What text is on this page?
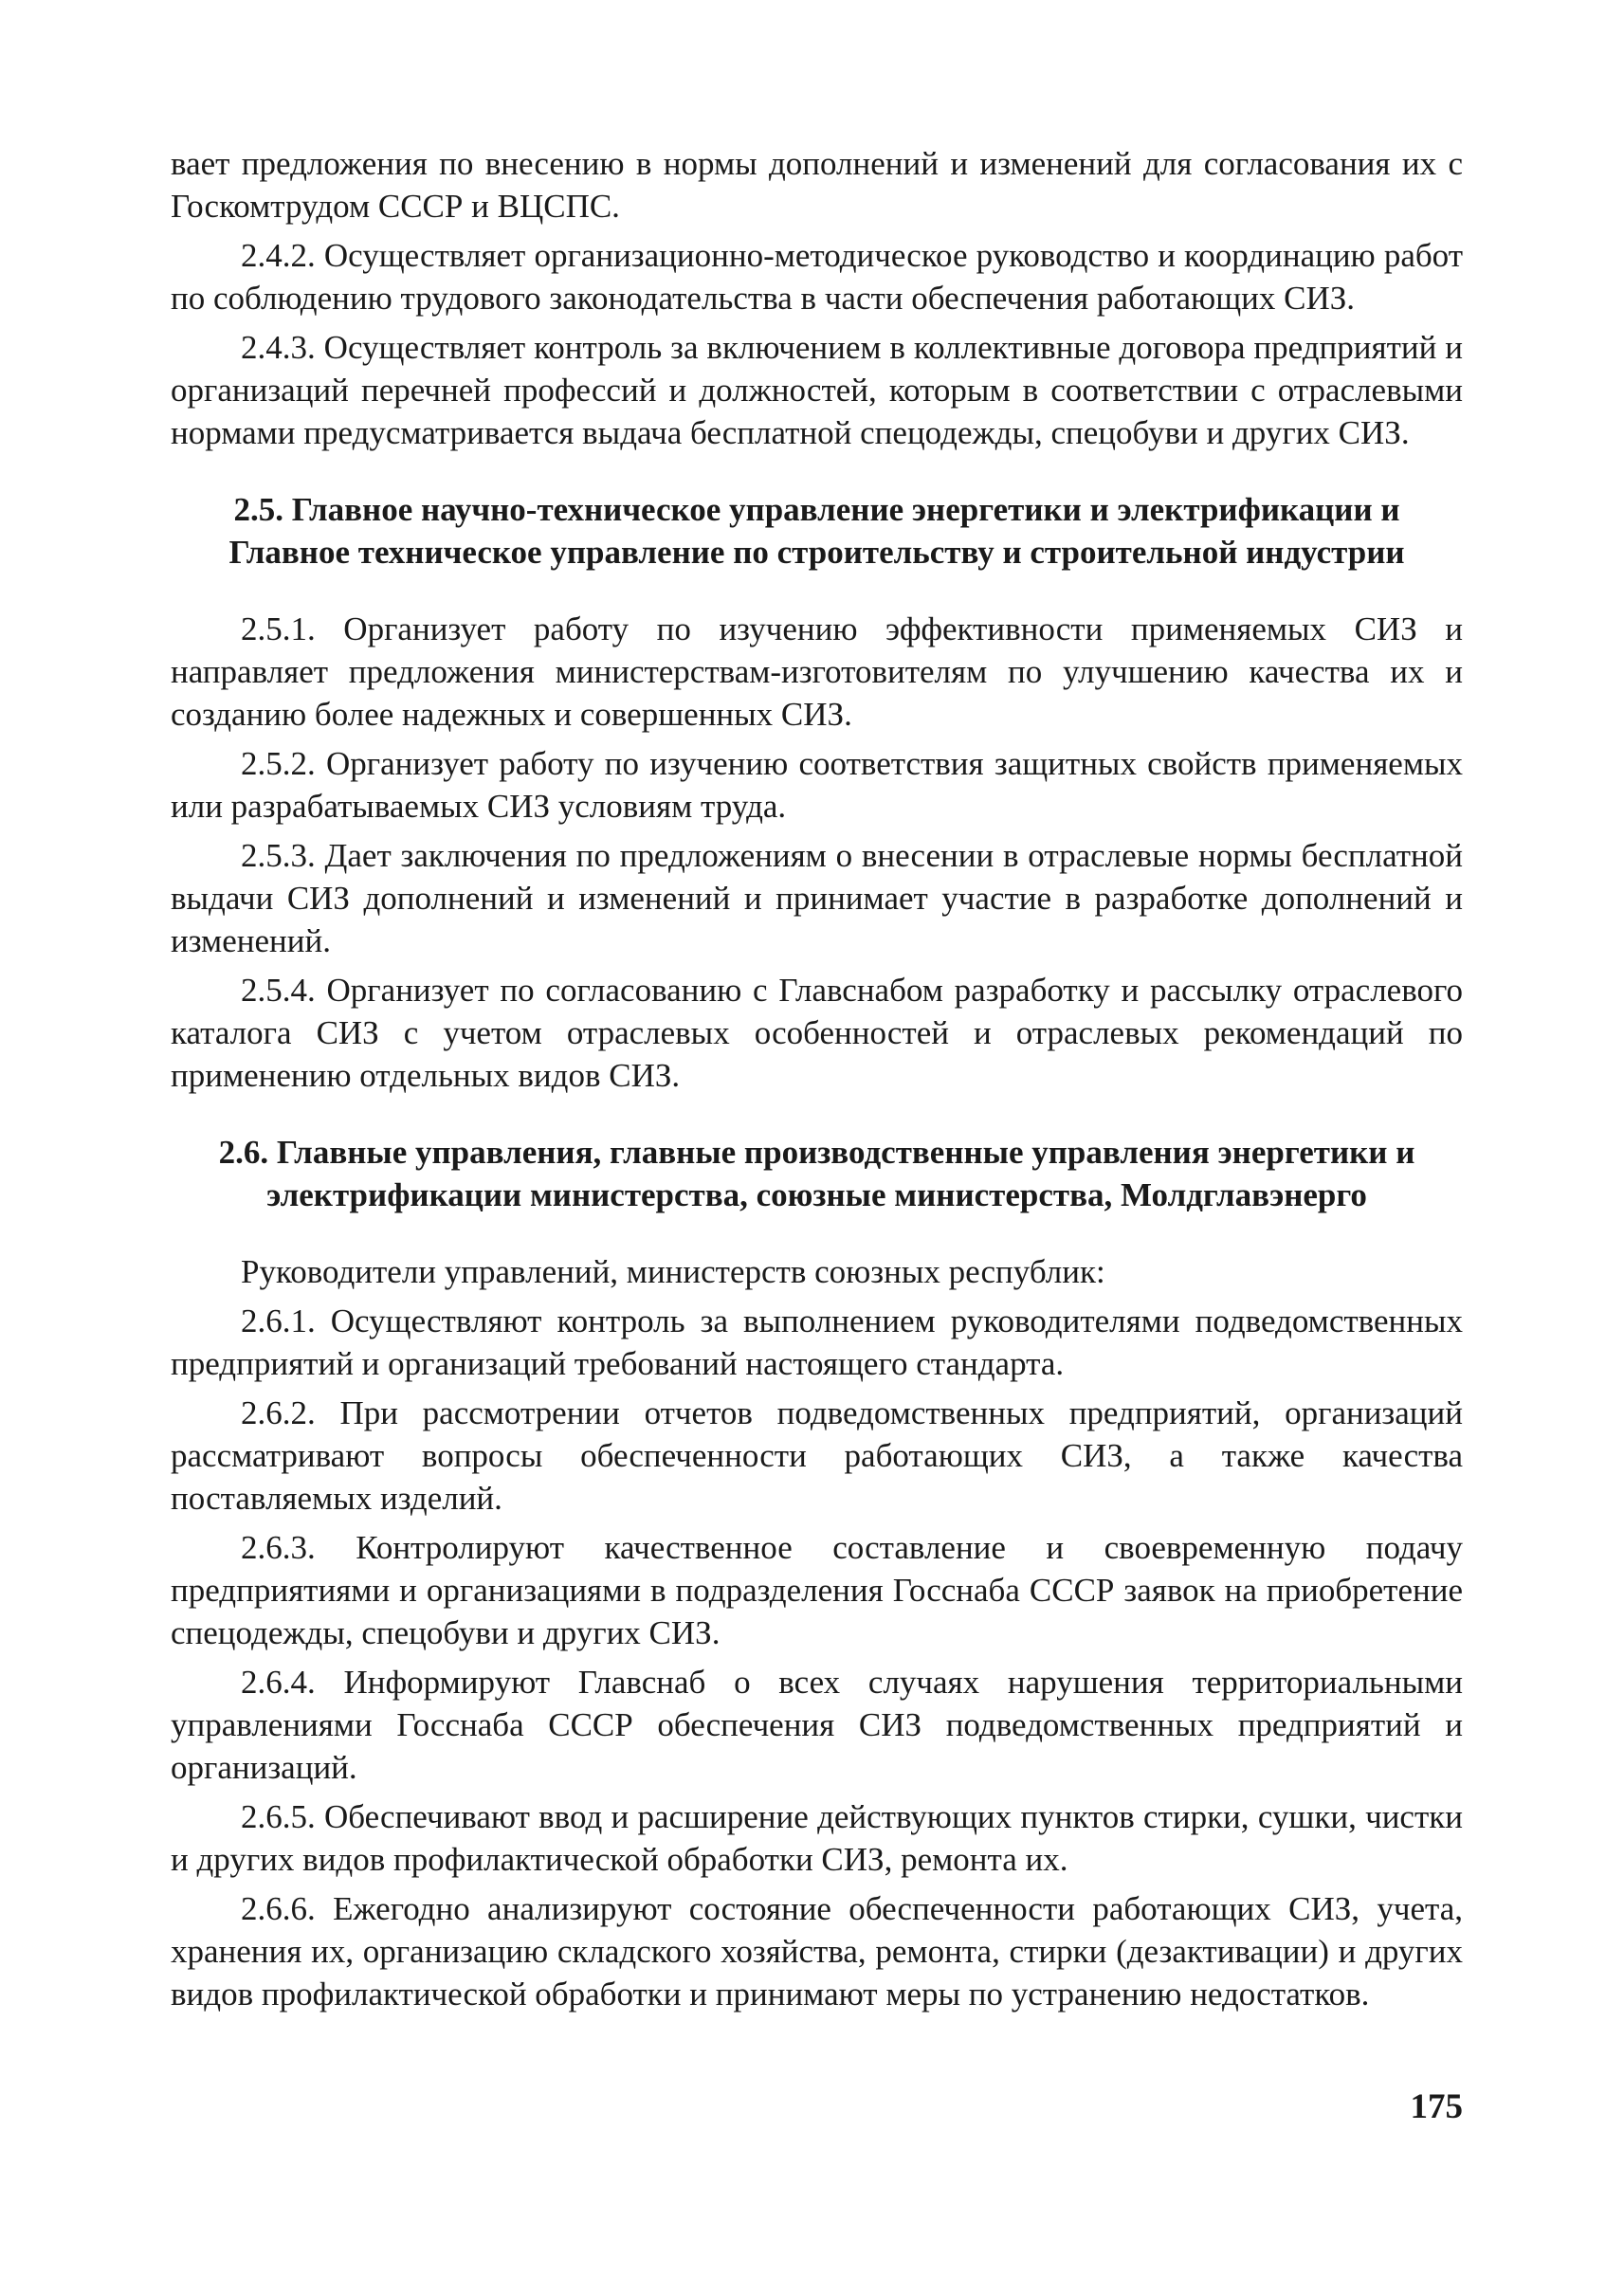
вает предложения по внесению в нормы дополнений и изменений для согласования их с Госкомтрудом СССР и ВЦСПС.

2.4.2. Осуществляет организационно-методическое руководство и координацию работ по соблюдению трудового законодательства в части обеспечения работающих СИЗ.

2.4.3. Осуществляет контроль за включением в коллективные договора предприятий и организаций перечней профессий и должностей, которым в соответствии с отраслевыми нормами предусматривается выдача бесплатной спецодежды, спецобуви и других СИЗ.

2.5. Главное научно-техническое управление энергетики и электрификации и Главное техническое управление по строительству и строительной индустрии

2.5.1. Организует работу по изучению эффективности применяемых СИЗ и направляет предложения министерствам-изготовителям по улучшению качества их и созданию более надежных и совершенных СИЗ.

2.5.2. Организует работу по изучению соответствия защитных свойств применяемых или разрабатываемых СИЗ условиям труда.

2.5.3. Дает заключения по предложениям о внесении в отраслевые нормы бесплатной выдачи СИЗ дополнений и изменений и принимает участие в разработке дополнений и изменений.

2.5.4. Организует по согласованию с Главснабом разработку и рассылку отраслевого каталога СИЗ с учетом отраслевых особенностей и отраслевых рекомендаций по применению отдельных видов СИЗ.

2.6. Главные управления, главные производственные управления энергетики и электрификации министерства, союзные министерства, Молдглавэнерго

Руководители управлений, министерств союзных республик:

2.6.1. Осуществляют контроль за выполнением руководителями подведомственных предприятий и организаций требований настоящего стандарта.

2.6.2. При рассмотрении отчетов подведомственных предприятий, организаций рассматривают вопросы обеспеченности работающих СИЗ, а также качества поставляемых изделий.

2.6.3. Контролируют качественное составление и своевременную подачу предприятиями и организациями в подразделения Госснаба СССР заявок на приобретение спецодежды, спецобуви и других СИЗ.

2.6.4. Информируют Главснаб о всех случаях нарушения территориальными управлениями Госснаба СССР обеспечения СИЗ подведомственных предприятий и организаций.

2.6.5. Обеспечивают ввод и расширение действующих пунктов стирки, сушки, чистки и других видов профилактической обработки СИЗ, ремонта их.

2.6.6. Ежегодно анализируют состояние обеспеченности работающих СИЗ, учета, хранения их, организацию складского хозяйства, ремонта, стирки (дезактивации) и других видов профилактической обработки и принимают меры по устранению недостатков.

175
